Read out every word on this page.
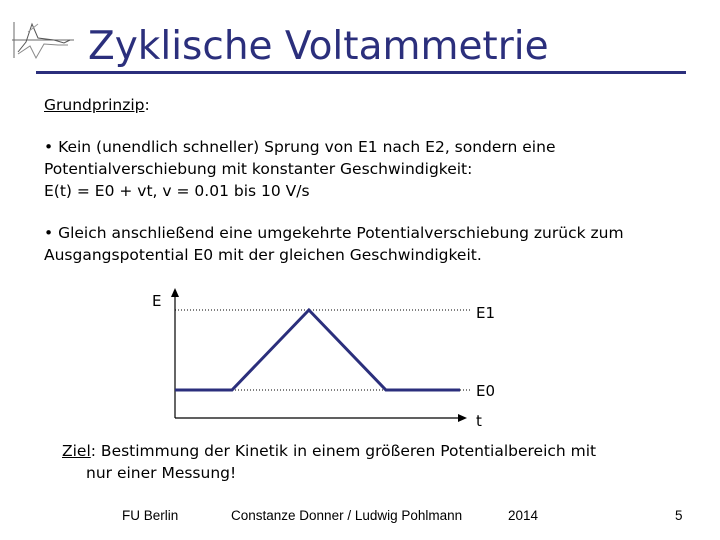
Zyklische Voltammetrie
Grundprinzip:
• Kein (unendlich schneller) Sprung von E1 nach E2, sondern eine
Potentialverschiebung mit konstanter Geschwindigkeit:
E(t) = E0 + vt, v = 0.01 bis 10 V/s
• Gleich anschließend eine umgekehrte Potentialverschiebung zurück zum
Ausgangspotential E0 mit der gleichen Geschwindigkeit.
E
E1
E0
t
Ziel: Bestimmung der Kinetik in einem größeren Potentialbereich mit
nur einer Messung!
FU Berlin	Constanze Donner / Ludwig Pohlmann	2014	5
